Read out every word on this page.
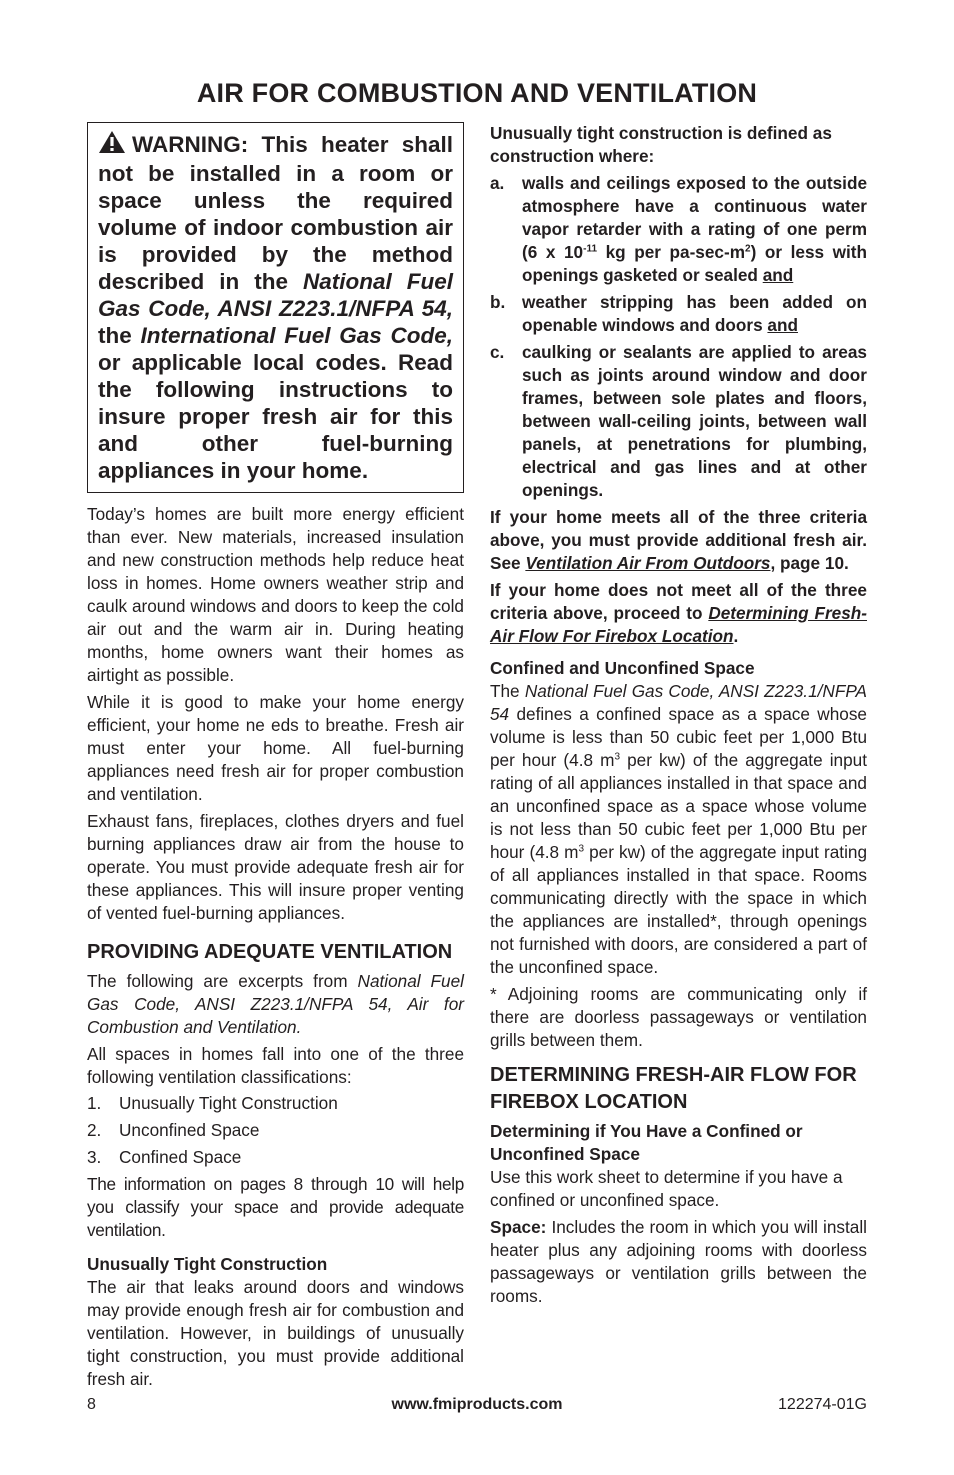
AIR FOR COMBUSTION AND VENTILATION

WARNING: This heater shall not be installed in a room or space unless the required volume of indoor combustion air is provided by the method described in the National Fuel Gas Code, ANSI Z223.1/NFPA 54, the International Fuel Gas Code, or applicable local codes. Read the following instructions to insure proper fresh air for this and other fuel-burning appliances in your home.

Today’s homes are built more energy efficient than ever. New materials, increased insulation and new construction methods help reduce heat loss in homes. Home owners weather strip and caulk around windows and doors to keep the cold air out and the warm air in. During heating months, home owners want their homes as airtight as possible.

While it is good to make your home energy efficient, your home ne eds to breathe. Fresh air must enter your home. All fuel-burning appliances need fresh air for proper combustion and ventilation.

Exhaust fans, fireplaces, clothes dryers and fuel burning appliances draw air from the house to operate. You must provide adequate fresh air for these appliances. This will insure proper venting of vented fuel-burning appliances.

PROVIDING ADEQUATE VENTILATION

The following are excerpts from National Fuel Gas Code, ANSI Z223.1/NFPA 54, Air for Combustion and Ventilation.

All spaces in homes fall into one of the three following ventilation classifications:

1.	Unusually Tight Construction
2.	Unconfined Space
3.	Confined Space

The information on pages 8 through 10 will help you classify your space and provide adequate ventilation.

Unusually Tight Construction

The air that leaks around doors and windows may provide enough fresh air for combustion and ventilation. However, in buildings of unusually tight construction, you must provide additional fresh air.

Unusually tight construction is defined as construction where:

a.	walls and ceilings exposed to the outside atmosphere have a continuous water vapor retarder with a rating of one perm (6 x $10^{-11}$ kg per $pa-\sec-m^2$) or less with openings gasketed or sealed and
b. weather stripping has been added on openable windows and doors and
c.	caulking or sealants are applied to areas such as joints around window and door frames, between sole plates and floors, between wall-ceiling joints, between wall panels, at penetrations for plumbing, electrical and gas lines and at other openings.

If your home meets all of the three criteria above, you must provide additional fresh air. See Ventilation Air From Outdoors, page 10.

If your home does not meet all of the three criteria above, proceed to Determining Fresh-Air Flow For Firebox Location.

Confined and Unconfined Space

The National Fuel Gas Code, ANSI Z223.1/NFPA 54 defines a confined space as a space whose volume is less than 50 cubic feet per 1,000 Btu per hour (4.8 $m^3$ per kw) of the aggregate input rating of all appliances installed in that space and an unconfined space as a space whose volume is not less than 50 cubic feet per 1,000 Btu per hour (4.8 $m^3$ per kw) of the aggregate input rating of all appliances installed in that space. Rooms communicating directly with the space in which the appliances are installed*, through openings not furnished with doors, are considered a part of the unconfined space.

* Adjoining rooms are communicating only if there are doorless passageways or ventilation grills between them.

DETERMINING FRESH-AIR FLOW FOR FIREBOX LOCATION

Determining if You Have a Confined or Unconfined Space

Use this work sheet to determine if you have a confined or unconfined space.

Space: Includes the room in which you will install heater plus any adjoining rooms with doorless passageways or ventilation grills between the rooms.

8	www.fmiproducts.com	122274-01G
